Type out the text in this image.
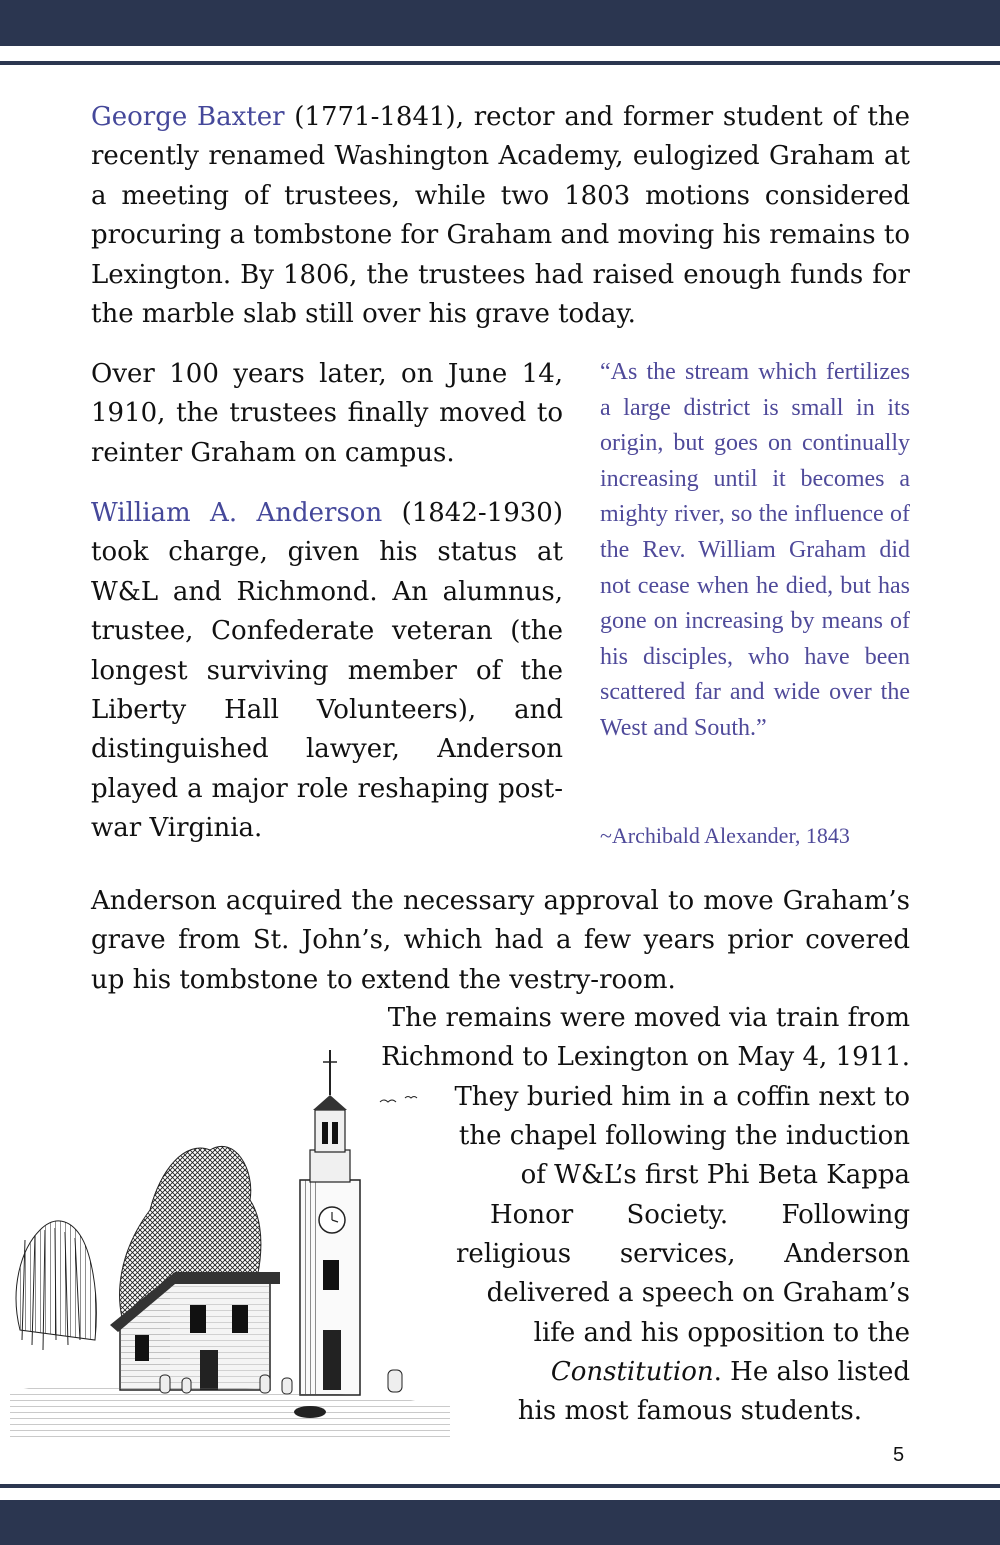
George Baxter (1771-1841), rector and former student of the recently renamed Washington Academy, eulogized Graham at a meeting of trustees, while two 1803 motions considered procuring a tombstone for Graham and moving his remains to Lexington. By 1806, the trustees had raised enough funds for the marble slab still over his grave today.

Over 100 years later, on June 14, 1910, the trustees finally moved to reinter Graham on campus.

William A. Anderson (1842-1930) took charge, given his status at W&L and Richmond. An alumnus, trustee, Confederate veteran (the longest surviving member of the Liberty Hall Volunteers), and distinguished lawyer, Anderson played a major role reshaping post-war Virginia.

“As the stream which fertilizes a large district is small in its origin, but goes on continually increasing until it becomes a mighty river, so the influence of the Rev. William Graham did not cease when he died, but has gone on increasing by means of his disciples, who have been scattered far and wide over the West and South.”

~Archibald Alexander, 1843

Anderson acquired the necessary approval to move Graham’s grave from St. John’s, which had a few years prior covered up his tombstone to extend the vestry-room.

The remains were moved via train from

Richmond to Lexington on May 4, 1911.

They buried him in a coffin next to

the chapel following the induction

of W&L’s first Phi Beta Kappa

Honor Society. Following

religious services, Anderson

delivered a speech on Graham’s

life and his opposition to the

Constitution. He also listed

his most famous students.

5
